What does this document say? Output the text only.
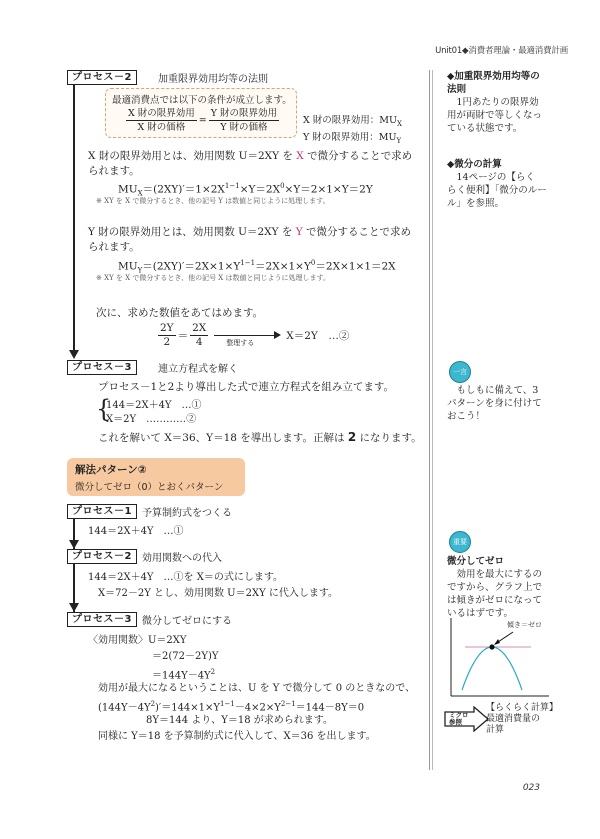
Unit01◆消費者理論・最適消費計画
プロセス－2	加重限界効用均等の法則
最適消費点では以下の条件が成立します。
$\frac{\text{X 財の限界効用}}{\text{X 財の価格}} = \frac{\text{Y 財の限界効用}}{\text{Y 財の価格}}$	X 財の限界効用：$MU_X$
Y 財の限界効用：$MU_Y$
X 財の限界効用とは、効用関数 U＝2XY を X で微分することで求め
られます。
$MU_X=(2XY)'=1\times 2X^{1-1}\times Y=2X^0\times Y=2\times 1\times Y=2Y$
※ XY を X で微分するとき、他の記号 Y は数値と同じように処理します。
Y 財の限界効用とは、効用関数 U＝2XY を Y で微分することで求め
られます。
$MU_Y=(2XY)'=2X\times 1\times Y^{1-1}=2X\times 1\times Y^0=2X\times 1\times 1=2X$
※ XY を X で微分するとき、他の記号 X は数値と同じように処理します。
次に、求めた数値をあてはめます。
$\frac{2Y}{2} = \frac{2X}{4}$	整理する
X＝2Y　…②
プロセス－3	連立方程式を解く
プロセス－1と2より導出した式で連立方程式を組み立てます。
{
144＝2X＋4Y　…①
X＝2Y　…………②
これを解いて X＝36、Y＝18 を導出します。正解は 2 になります。
解法パターン②
微分してゼロ（0）とおくパターン
プロセス－1	予算制約式をつくる
144＝2X＋4Y　…①
プロセス－2	効用関数への代入
144＝2X＋4Y　…①を X＝の式にします。
X＝72－2Y とし、効用関数 U＝2XY に代入します。
プロセス－3	微分してゼロにする
〈効用関数〉U＝2XY
＝2(72－2Y)Y
$=144Y-4Y^2$
効用が最大になるということは、U を Y で微分して 0 のときなので、
$(144Y-4Y^2)'=144\times 1\times Y^{1-1}-4\times 2\times Y^{2-1}=144-8Y=0$
8Y＝144 より、Y＝18 が求められます。
同様に Y＝18 を予算制約式に代入して、X＝36 を出します。
◆加重限界効用均等の
法則
　1円あたりの限界効
用が両財で等しくなっ
ている状態です。
◆微分の計算
　14ページの【らく
らく便利】「微分のルー
ル」を参照。
一言
　もしもに備えて、3
パターンを身に付けて
おこう！
重要
微分してゼロ
　効用を最大にするの
ですから、グラフ上で
は傾きがゼロになって
いるはずです。
傾き＝ゼロ
ミクロ
参照
【らくらく計算】
最適消費量の
計算
023
